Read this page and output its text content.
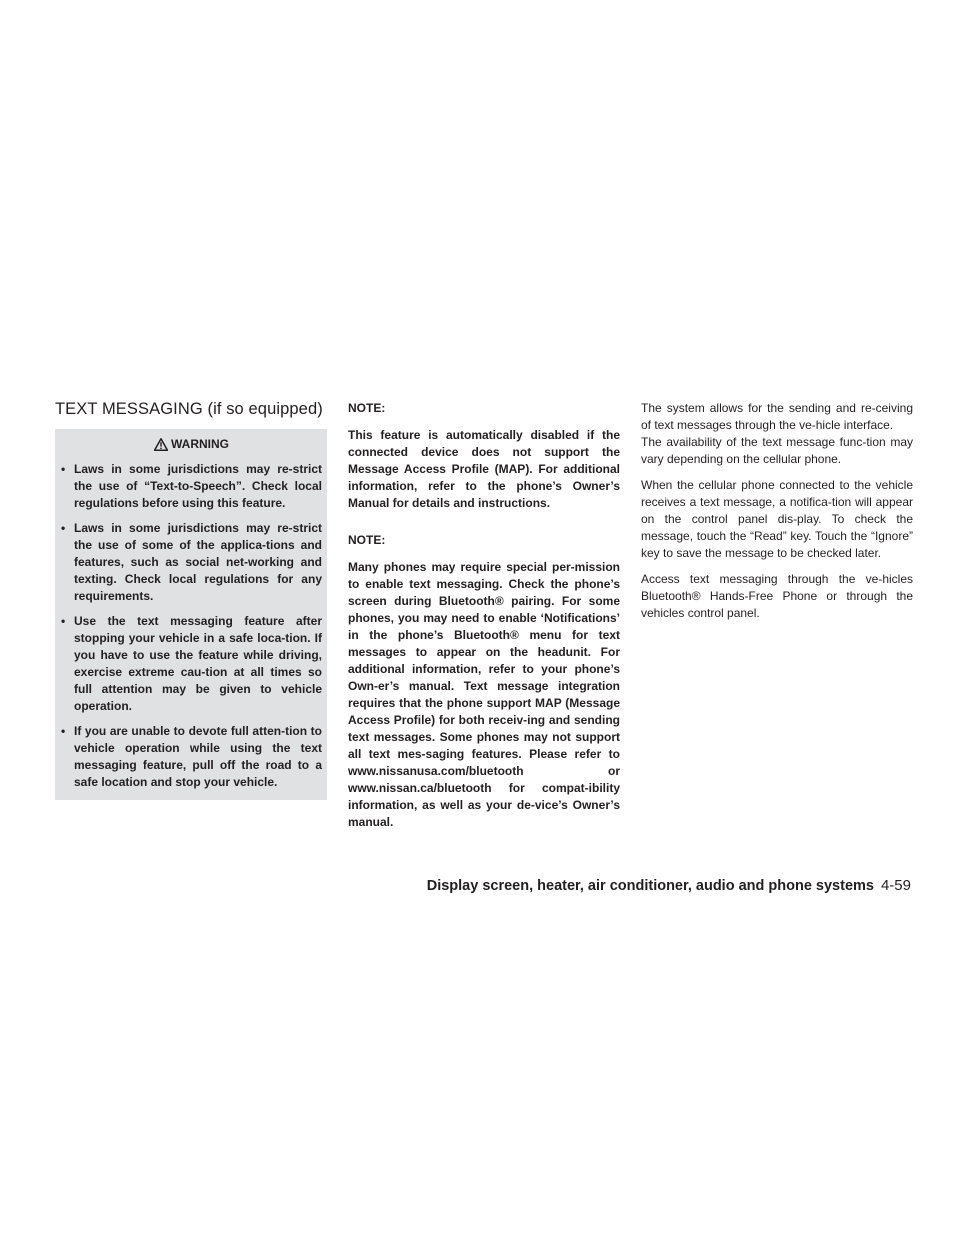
TEXT MESSAGING (if so equipped)
WARNING
• Laws in some jurisdictions may re-strict the use of “Text-to-Speech”. Check local regulations before using this feature.
• Laws in some jurisdictions may re-strict the use of some of the applica-tions and features, such as social net-working and texting. Check local regulations for any requirements.
• Use the text messaging feature after stopping your vehicle in a safe loca-tion. If you have to use the feature while driving, exercise extreme cau-tion at all times so full attention may be given to vehicle operation.
• If you are unable to devote full atten-tion to vehicle operation while using the text messaging feature, pull off the road to a safe location and stop your vehicle.

NOTE:

This feature is automatically disabled if the connected device does not support the Message Access Profile (MAP). For additional information, refer to the phone’s Owner’s Manual for details and instructions.

NOTE:

Many phones may require special per-mission to enable text messaging. Check the phone’s screen during Bluetooth® pairing. For some phones, you may need to enable ‘Notifications’ in the phone’s Bluetooth® menu for text messages to appear on the headunit. For additional information, refer to your phone’s Own-er’s manual. Text message integration requires that the phone support MAP (Message Access Profile) for both receiv-ing and sending text messages. Some phones may not support all text mes-saging features. Please refer to www.nissanusa.com/bluetooth or www.nissan.ca/bluetooth for compat-ibility information, as well as your de-vice’s Owner’s manual.

The system allows for the sending and re-ceiving of text messages through the ve-hicle interface.

The availability of the text message func-tion may vary depending on the cellular phone.

When the cellular phone connected to the vehicle receives a text message, a notifica-tion will appear on the control panel dis-play. To check the message, touch the “Read” key. Touch the “Ignore” key to save the message to be checked later.

Access text messaging through the ve-hicles Bluetooth® Hands-Free Phone or through the vehicles control panel.

Display screen, heater, air conditioner, audio and phone systems 4-59
